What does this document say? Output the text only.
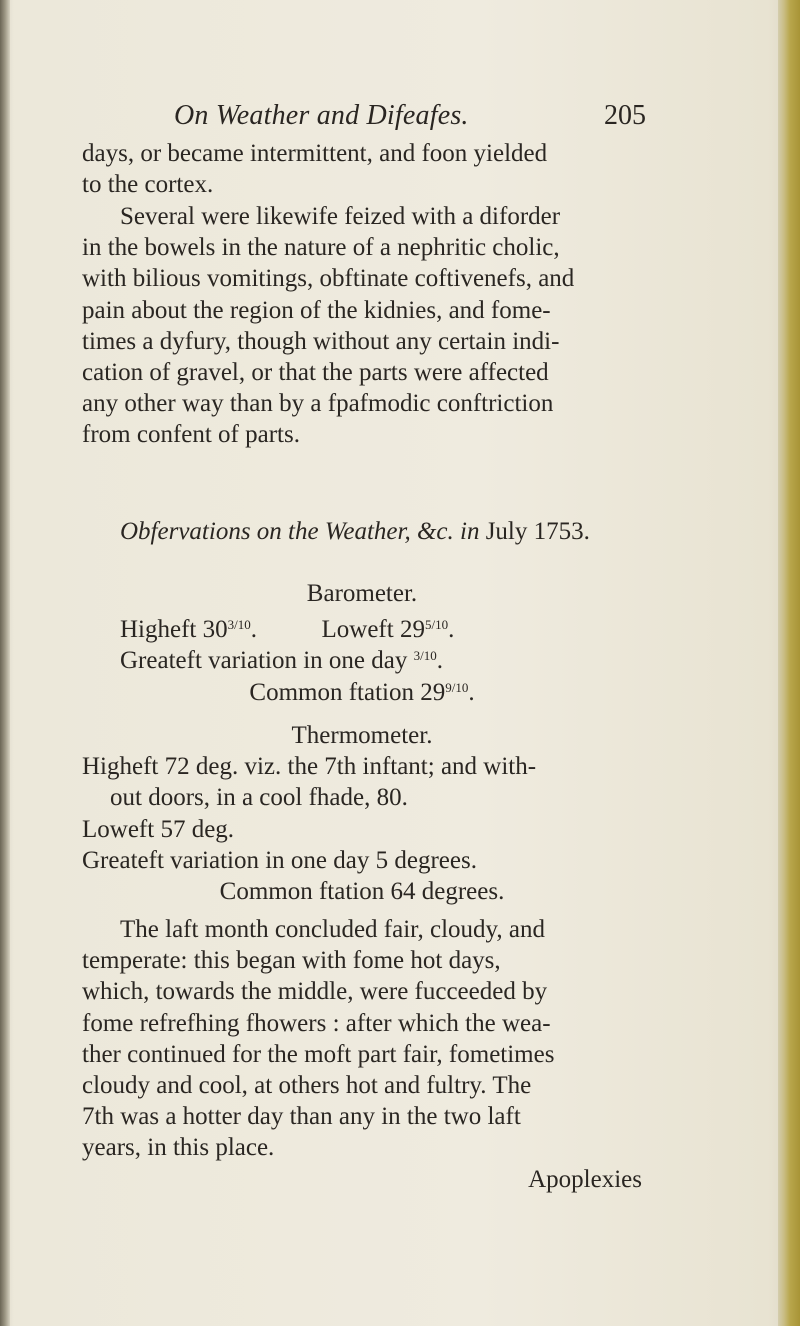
On Weather and Difeafes.	205
days, or became intermittent, and foon yielded
to the cortex.
Several were likewife feized with a diforder
in the bowels in the nature of a nephritic cholic,
with bilious vomitings, obftinate coftivenefs, and
pain about the region of the kidnies, and fome-
times a dyfury, though without any certain indi-
cation of gravel, or that the parts were affected
any other way than by a fpafmodic conftriction
from confent of parts.
Obfervations on the Weather, &c. in July 1753.
Barometer.
Higheft $30^{3/10}$.  Loweft $29^{5/10}$.
Greateft variation in one day $^{3/10}$.
Common ftation $29^{9/10}$.
Thermometer.
Higheft 72 deg. viz. the 7th inftant; and with-
out doors, in a cool fhade, 80.
Loweft 57 deg.
Greateft variation in one day 5 degrees.
Common ftation 64 degrees.
The laft month concluded fair, cloudy, and
temperate: this began with fome hot days,
which, towards the middle, were fucceeded by
fome refrefhing fhowers : after which the wea-
ther continued for the moft part fair, fometimes
cloudy and cool, at others hot and fultry. The
7th was a hotter day than any in the two laft
years, in this place.
Apoplexies
